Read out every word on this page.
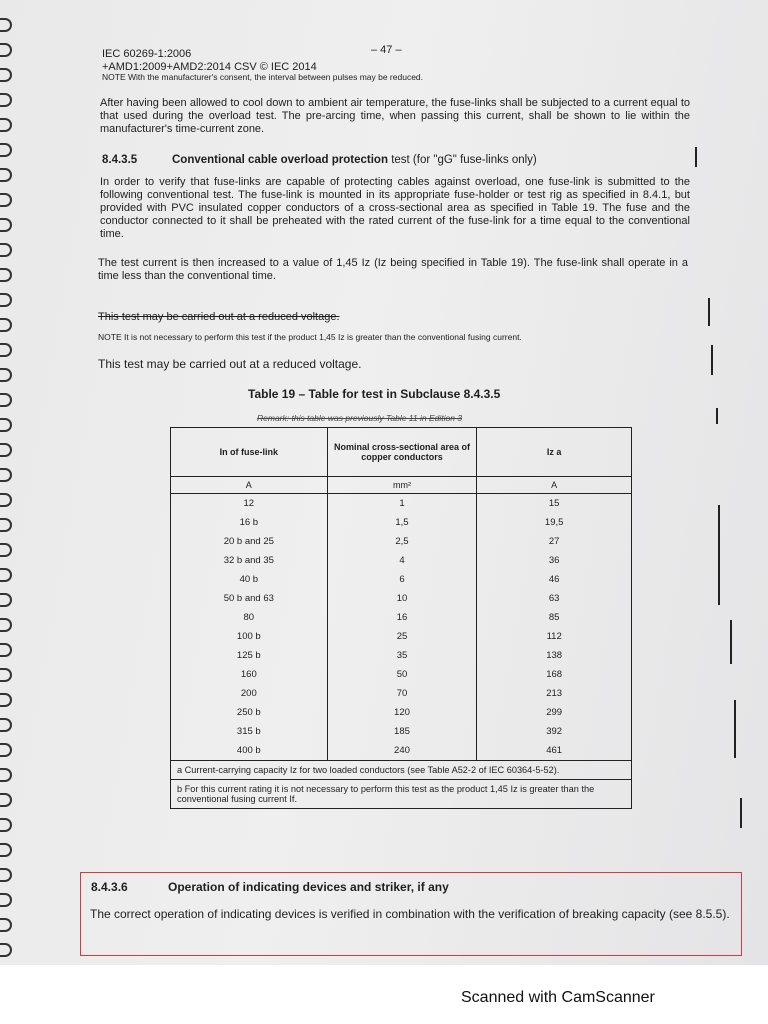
IEC 60269-1:2006
+AMD1:2009+AMD2:2014 CSV © IEC 2014
– 47 –

NOTE With the manufacturer's consent, the interval between pulses may be reduced.

After having been allowed to cool down to ambient air temperature, the fuse-links shall be subjected to a current equal to that used during the overload test. The pre-arcing time, when passing this current, shall be shown to lie within the manufacturer's time-current zone.

8.4.3.5	Conventional cable overload protection test (for "gG" fuse-links only)

In order to verify that fuse-links are capable of protecting cables against overload, one fuse-link is submitted to the following conventional test. The fuse-link is mounted in its appropriate fuse-holder or test rig as specified in 8.4.1, but provided with PVC insulated copper conductors of a cross-sectional area as specified in Table 19. The fuse and the conductor connected to it shall be preheated with the rated current of the fuse-link for a time equal to the conventional time.

The test current is then increased to a value of 1,45 Iz (Iz being specified in Table 19). The fuse-link shall operate in a time less than the conventional time.

This test may be carried out at a reduced voltage.

NOTE It is not necessary to perform this test if the product 1,45 Iz is greater than the conventional fusing current.

This test may be carried out at a reduced voltage.

Table 19 – Table for test in Subclause 8.4.3.5
Remark: this table was previously Table 11 in Edition 3
In of fuse-link	Nominal cross-sectional area of copper conductors	Iz a
A	mm²	A
12	1	15
16 b	1,5	19,5
20 b and 25	2,5	27
32 b and 35	4	36
40 b	6	46
50 b and 63	10	63
80	16	85
100 b	25	112
125 b	35	138
160	50	168
200	70	213
250 b	120	299
315 b	185	392
400 b	240	461
a Current-carrying capacity Iz for two loaded conductors (see Table A52-2 of IEC 60364-5-52).		
b For this current rating it is not necessary to perform this test as the product 1,45 Iz is greater than the conventional fusing current If.		
8.4.3.6	Operation of indicating devices and striker, if any

The correct operation of indicating devices is verified in combination with the verification of breaking capacity (see 8.5.5).

Scanned with CamScanner
